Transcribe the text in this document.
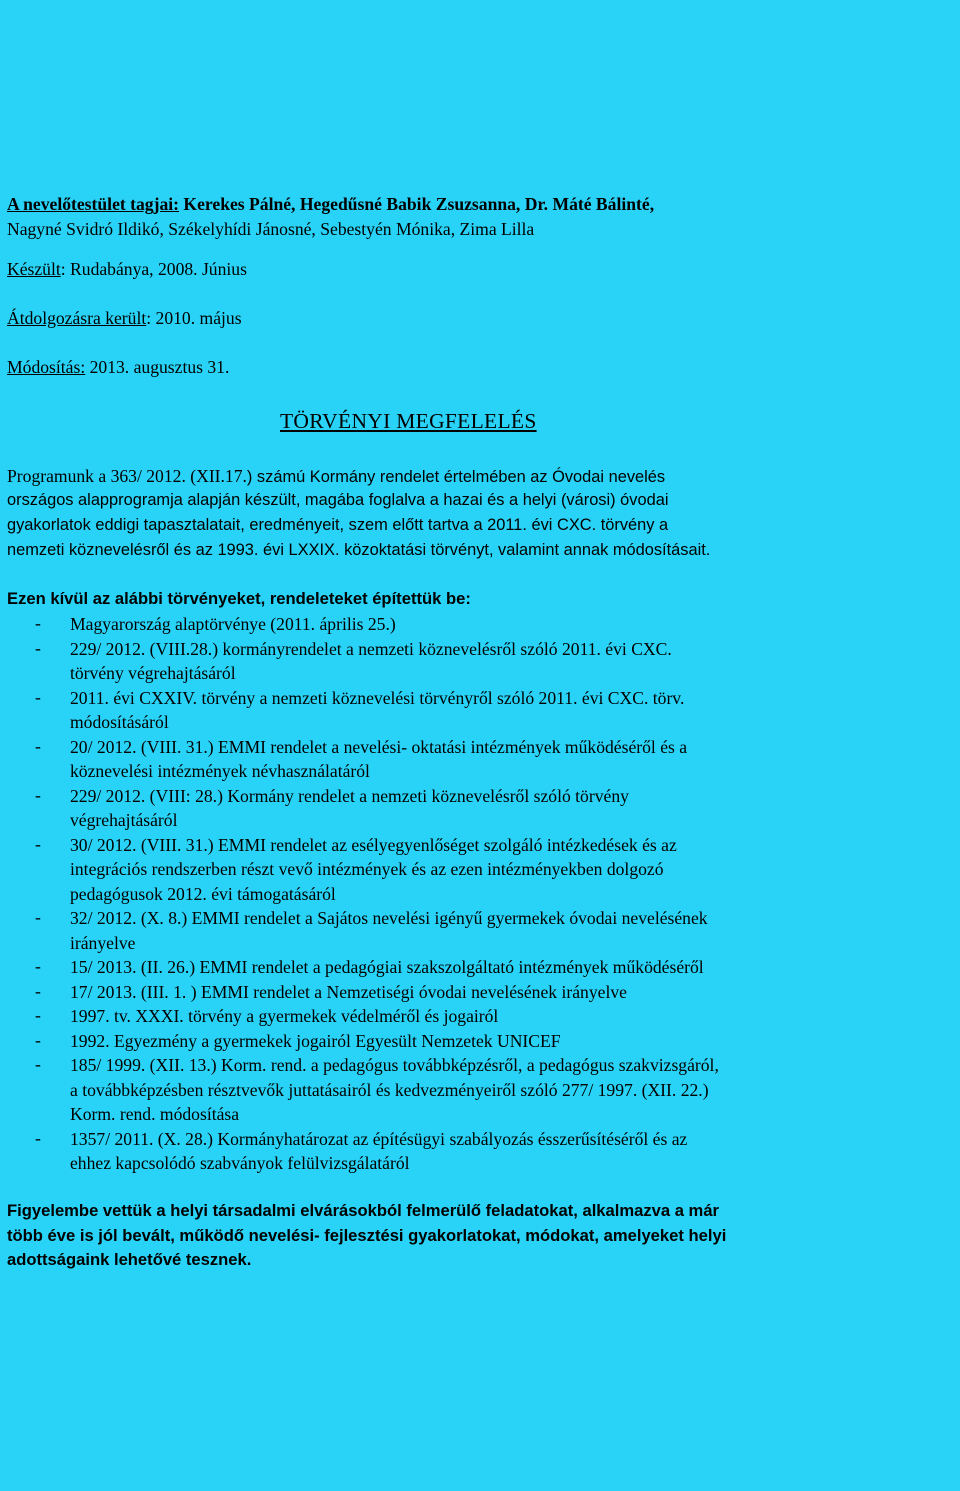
A nevelőtestület tagjai: Kerekes Pálné, Hegedűsné Babik Zsuzsanna, Dr. Máté Bálinté,
Nagyné Svidró Ildikó, Székelyhídi Jánosné, Sebestyén Mónika, Zima Lilla
Készült: Rudabánya, 2008. Június
Átdolgozásra került: 2010. május
Módosítás: 2013. augusztus 31.
TÖRVÉNYI MEGFELELÉS
Programunk a 363/ 2012. (XII.17.) számú Kormány rendelet értelmében az Óvodai nevelés
országos alapprogramja alapján készült, magába foglalva a hazai és a helyi (városi) óvodai
gyakorlatok eddigi tapasztalatait, eredményeit, szem előtt tartva a 2011. évi CXC. törvény a
nemzeti köznevelésről és az 1993. évi LXXIX. közoktatási törvényt, valamint annak módosításait.
Ezen kívül az alábbi törvényeket, rendeleteket építettük be:
- Magyarország alaptörvénye (2011. április 25.)
- 229/ 2012. (VIII.28.) kormányrendelet a nemzeti köznevelésről szóló 2011. évi CXC.
törvény végrehajtásáról
- 2011. évi CXXIV. törvény a nemzeti köznevelési törvényről szóló 2011. évi CXC. törv.
módosításáról
- 20/ 2012. (VIII. 31.) EMMI rendelet a nevelési- oktatási intézmények működéséről és a
köznevelési intézmények névhasználatáról
- 229/ 2012. (VIII: 28.) Kormány rendelet a nemzeti köznevelésről szóló törvény
végrehajtásáról
- 30/ 2012. (VIII. 31.) EMMI rendelet az esélyegyenlőséget szolgáló intézkedések és az
integrációs rendszerben részt vevő intézmények és az ezen intézményekben dolgozó
pedagógusok 2012. évi támogatásáról
- 32/ 2012. (X. 8.) EMMI rendelet a Sajátos nevelési igényű gyermekek óvodai nevelésének
irányelve
- 15/ 2013. (II. 26.) EMMI rendelet a pedagógiai szakszolgáltató intézmények működéséről
- 17/ 2013. (III. 1. ) EMMI rendelet a Nemzetiségi óvodai nevelésének irányelve
- 1997. tv. XXXI. törvény a gyermekek védelméről és jogairól
- 1992. Egyezmény a gyermekek jogairól Egyesült Nemzetek UNICEF
- 185/ 1999. (XII. 13.) Korm. rend. a pedagógus továbbképzésről, a pedagógus szakvizsgáról,
a továbbképzésben résztvevők juttatásairól és kedvezményeiről szóló 277/ 1997. (XII. 22.)
Korm. rend. módosítása
- 1357/ 2011. (X. 28.) Kormányhatározat az építésügyi szabályozás ésszerűsítéséről és az
ehhez kapcsolódó szabványok felülvizsgálatáról
Figyelembe vettük a helyi társadalmi elvárásokból felmerülő feladatokat, alkalmazva a már
több éve is jól bevált, működő nevelési- fejlesztési gyakorlatokat, módokat, amelyeket helyi
adottságaink lehetővé tesznek.
